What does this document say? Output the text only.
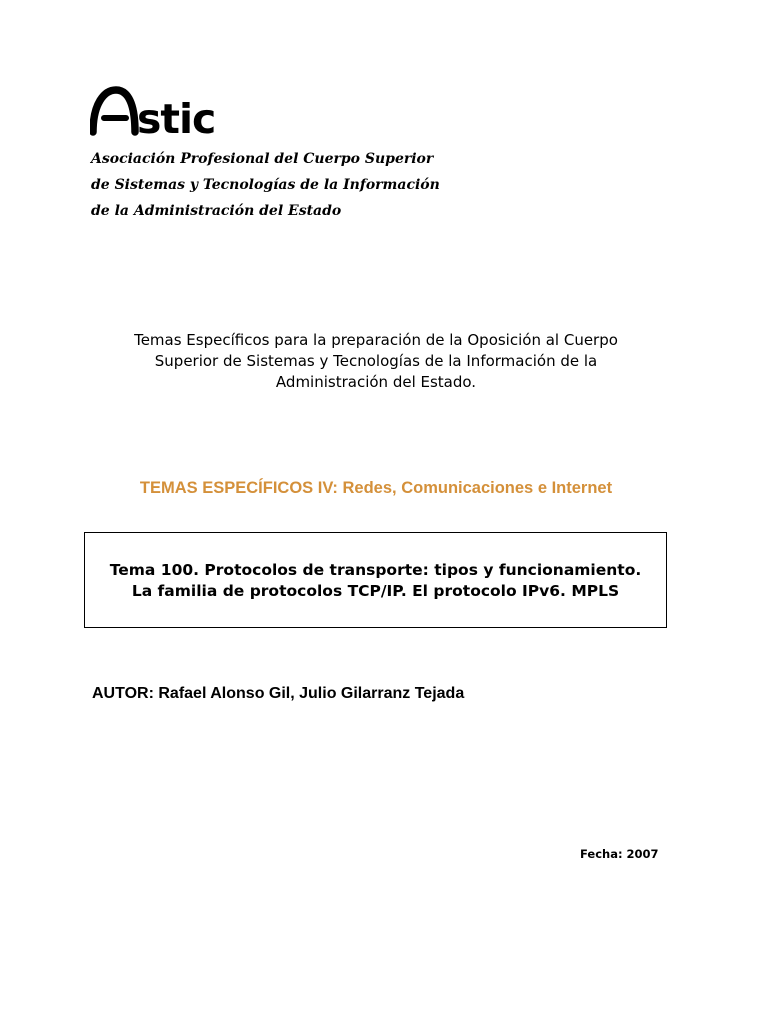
stic
Asociación Profesional del Cuerpo Superior
de Sistemas y Tecnologías de la Información
de la Administración del Estado
Temas Específicos para la preparación de la Oposición al Cuerpo
Superior de Sistemas y Tecnologías de la Información de la
Administración del Estado.
TEMAS ESPECÍFICOS IV: Redes, Comunicaciones e Internet
Tema 100. Protocolos de transporte: tipos y funcionamiento.
La familia de protocolos TCP/IP. El protocolo IPv6. MPLS
AUTOR: Rafael Alonso Gil, Julio Gilarranz Tejada
Fecha: 2007
